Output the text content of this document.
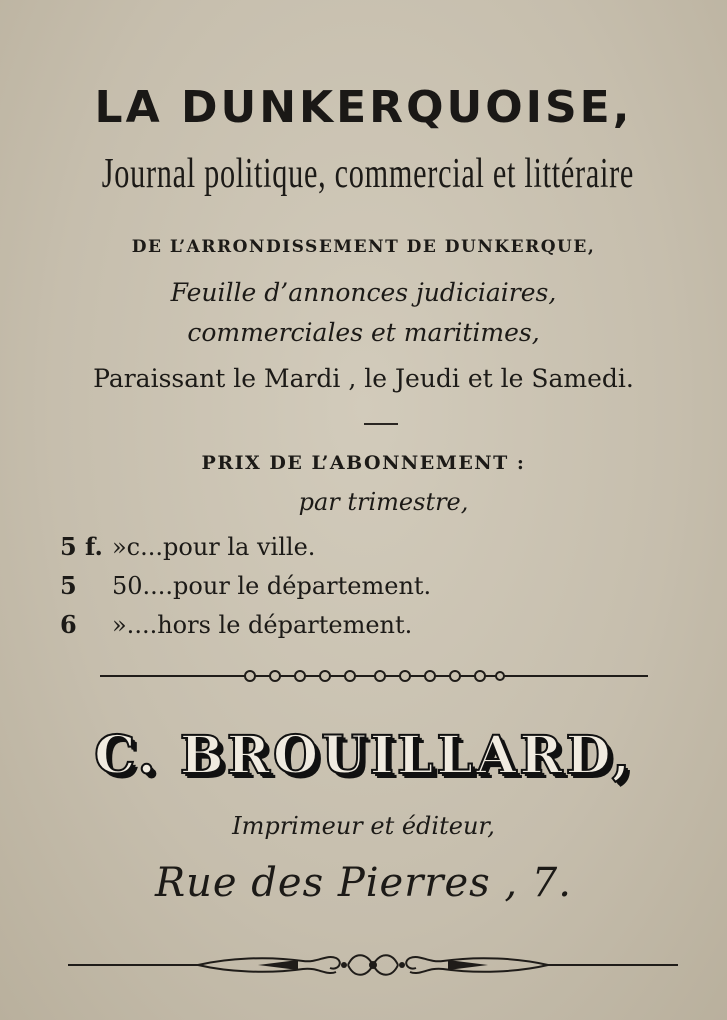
LA DUNKERQUOISE,
Journal politique, commercial et littéraire
DE L’ARRONDISSEMENT DE DUNKERQUE,
Feuille d’annonces judiciaires,
commerciales et maritimes,
Paraissant le Mardi , le Jeudi et le Samedi.
PRIX DE L’ABONNEMENT :
par trimestre,
5 f. »c...pour la ville.
5 50....pour le département.
6 »....hors le département.
C. BROUILLARD,
Imprimeur et éditeur,
Rue des Pierres , 7.
